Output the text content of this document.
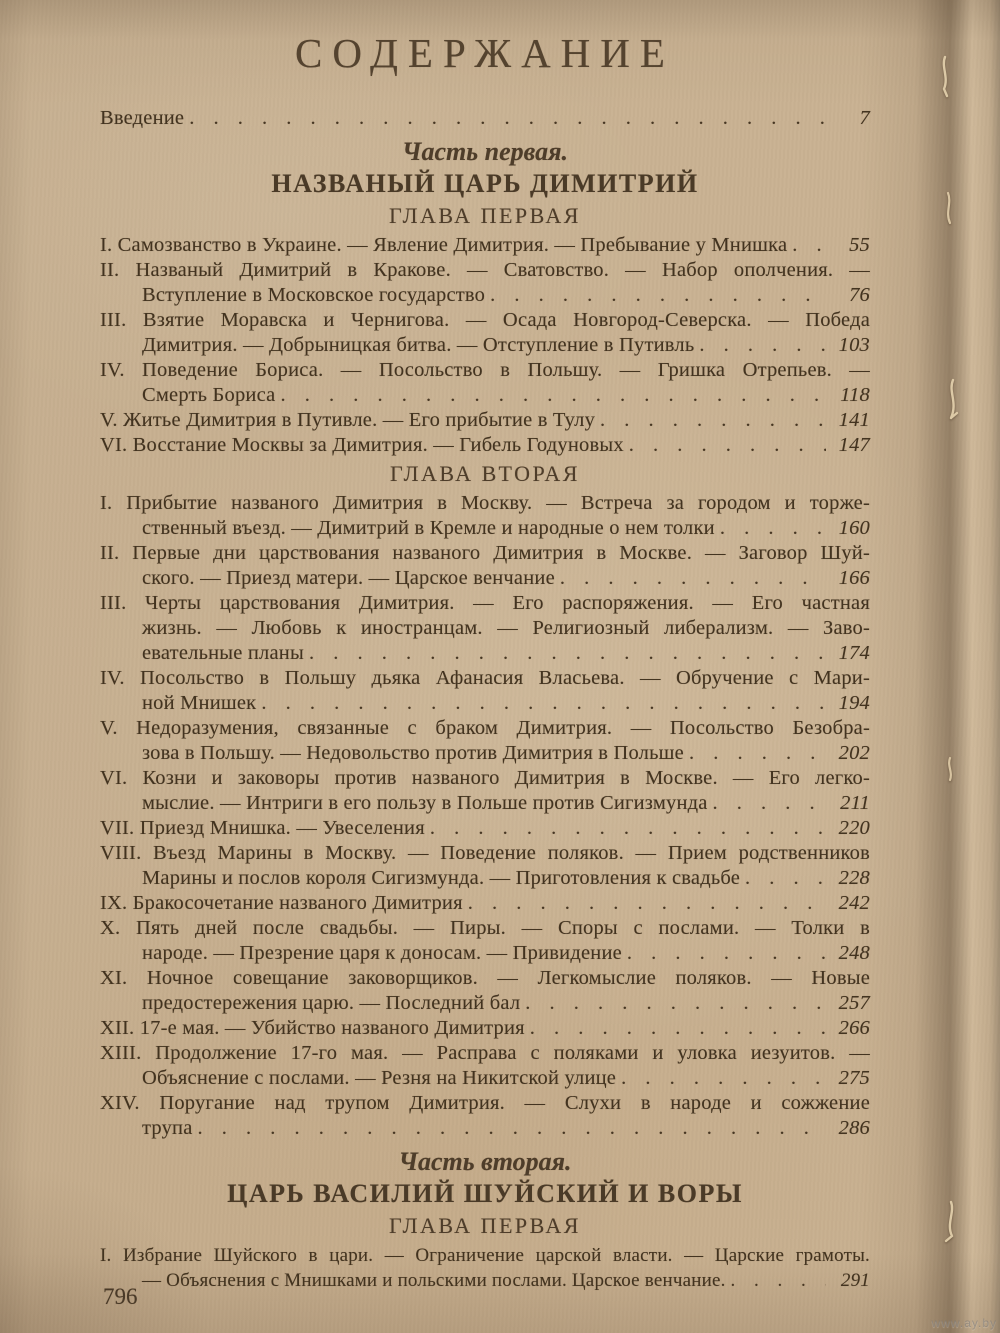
СОДЕРЖАНИЕ
Введение . . .	7
Часть первая.
НАЗВАНЫЙ ЦАРЬ ДИМИТРИЙ
ГЛАВА ПЕРВАЯ
I. Самозванство в Украине. — Явление Димитрия. — Пребывание у Мнишка . . .	55
II. Названый Димитрий в Кракове. — Сватовство. — Набор ополчения. —
Вступление в Московское государство . . .	76
III. Взятие Моравска и Чернигова. — Осада Новгород-Северска. — Победа
Димитрия. — Добрыницкая битва. — Отступление в Путивль . . .	103
IV. Поведение Бориса. — Посольство в Польшу. — Гришка Отрепьев. —
Смерть Бориса . . .	118
V. Житье Димитрия в Путивле. — Его прибытие в Тулу . . .	141
VI. Восстание Москвы за Димитрия. — Гибель Годуновых . . .	147
ГЛАВА ВТОРАЯ
I. Прибытие названого Димитрия в Москву. — Встреча за городом и торже-
ственный въезд. — Димитрий в Кремле и народные о нем толки . . .	160
II. Первые дни царствования названого Димитрия в Москве. — Заговор Шуй-
ского. — Приезд матери. — Царское венчание . . .	166
III. Черты царствования Димитрия. — Его распоряжения. — Его частная
жизнь. — Любовь к иностранцам. — Религиозный либерализм. — Заво-
евательные планы . . .	174
IV. Посольство в Польшу дьяка Афанасия Власьева. — Обручение с Мари-
ной Мнишек . . .	194
V. Недоразумения, связанные с браком Димитрия. — Посольство Безобра-
зова в Польшу. — Недовольство против Димитрия в Польше . . .	202
VI. Козни и заковоры против названого Димитрия в Москве. — Его легко-
мыслие. — Интриги в его пользу в Польше против Сигизмунда . . .	211
VII. Приезд Мнишка. — Увеселения . . .	220
VIII. Въезд Марины в Москву. — Поведение поляков. — Прием родственников
Марины и послов короля Сигизмунда. — Приготовления к свадьбе . . .	228
IX. Бракосочетание названого Димитрия . . .	242
X. Пять дней после свадьбы. — Пиры. — Споры с послами. — Толки в
народе. — Презрение царя к доносам. — Привидение . . .	248
XI. Ночное совещание заковорщиков. — Легкомыслие поляков. — Новые
предостережения царю. — Последний бал . . .	257
XII. 17-е мая. — Убийство названого Димитрия . . .	266
XIII. Продолжение 17-го мая. — Расправа с поляками и уловка иезуитов. —
Объяснение с послами. — Резня на Никитской улице . . .	275
XIV. Поругание над трупом Димитрия. — Слухи в народе и сожжение
трупа . . .	286
Часть вторая.
ЦАРЬ ВАСИЛИЙ ШУЙСКИЙ И ВОРЫ
ГЛАВА ПЕРВАЯ
I. Избрание Шуйского в цари. — Ограничение царской власти. — Царские грамоты.
— Объяснения с Мнишками и польскими послами. Царское венчание. . . .	291
796
www.ay.by
